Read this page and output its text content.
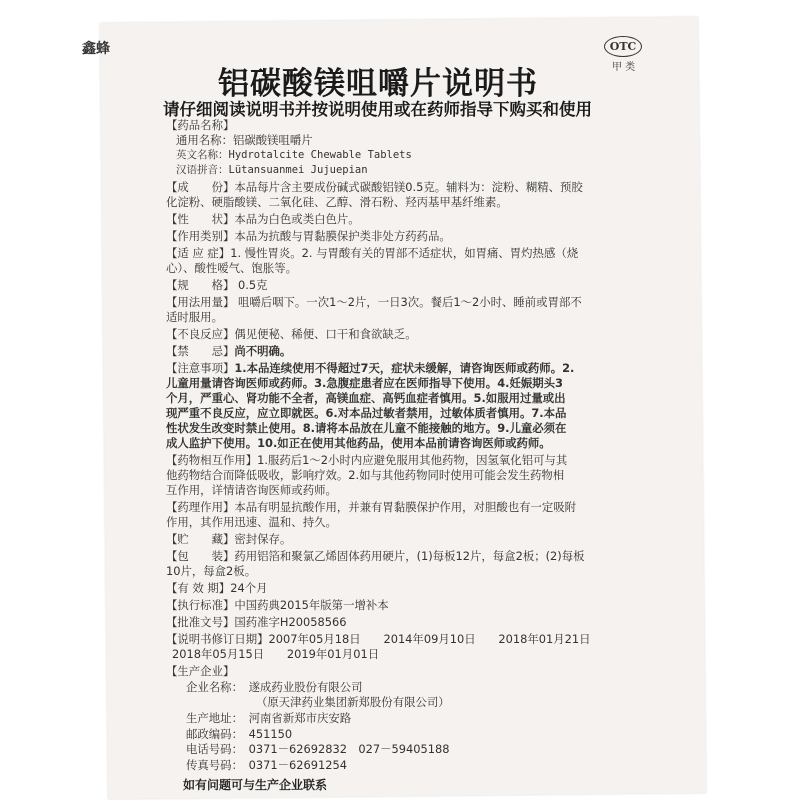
鑫蜂	OTC
甲 类
铝碳酸镁咀嚼片说明书
请仔细阅读说明书并按说明使用或在药师指导下购买和使用
【药品名称】
通用名称：铝碳酸镁咀嚼片
英文名称：Hydrotalcite Chewable Tablets
汉语拼音：Lütansuanmei Jujuepian
【成　　份】本品每片含主要成份碱式碳酸铝镁0.5克。辅料为：淀粉、糊精、预胶
化淀粉、硬脂酸镁、二氧化硅、乙醇、滑石粉、羟丙基甲基纤维素。
【性　　状】本品为白色或类白色片。
【作用类别】本品为抗酸与胃黏膜保护类非处方药药品。
【适 应 症】1. 慢性胃炎。2. 与胃酸有关的胃部不适症状，如胃痛、胃灼热感（烧
心）、酸性嗳气、饱胀等。
【规　　格】 0.5克
【用法用量】 咀嚼后咽下。一次1～2片，一日3次。餐后1～2小时、睡前或胃部不
适时服用。
【不良反应】偶见便秘、稀便、口干和食欲缺乏。
【禁　　忌】尚不明确。
【注意事项】1.本品连续使用不得超过7天，症状未缓解，请咨询医师或药师。2.
儿童用量请咨询医师或药师。3.急腹症患者应在医师指导下使用。4.妊娠期头3
个月，严重心、肾功能不全者，高镁血症、高钙血症者慎用。5.如服用过量或出
现严重不良反应，应立即就医。6.对本品过敏者禁用，过敏体质者慎用。7.本品
性状发生改变时禁止使用。8.请将本品放在儿童不能接触的地方。9.儿童必须在
成人监护下使用。10.如正在使用其他药品，使用本品前请咨询医师或药师。
【药物相互作用】1.服药后1～2小时内应避免服用其他药物，因氢氧化铝可与其
他药物结合而降低吸收，影响疗效。2.如与其他药物同时使用可能会发生药物相
互作用，详情请咨询医师或药师。
【药理作用】本品有明显抗酸作用，并兼有胃黏膜保护作用，对胆酸也有一定吸附
作用，其作用迅速、温和、持久。
【贮　　藏】密封保存。
【包　　装】药用铝箔和聚氯乙烯固体药用硬片，(1)每板12片，每盒2板；(2)每板
10片，每盒2板。
【有 效 期】24个月
【执行标准】中国药典2015年版第一增补本
【批准文号】国药准字H20058566
【说明书修订日期】2007年05月18日　　2014年09月10日　　2018年01月21日
2018年05月15日　　2019年01月01日
【生产企业】
企业名称：　遂成药业股份有限公司
（原天津药业集团新郑股份有限公司）
生产地址：　河南省新郑市庆安路
邮政编码：　451150
电话号码：　0371－62692832　027－59405188
传真号码：　0371－62691254
如有问题可与生产企业联系
